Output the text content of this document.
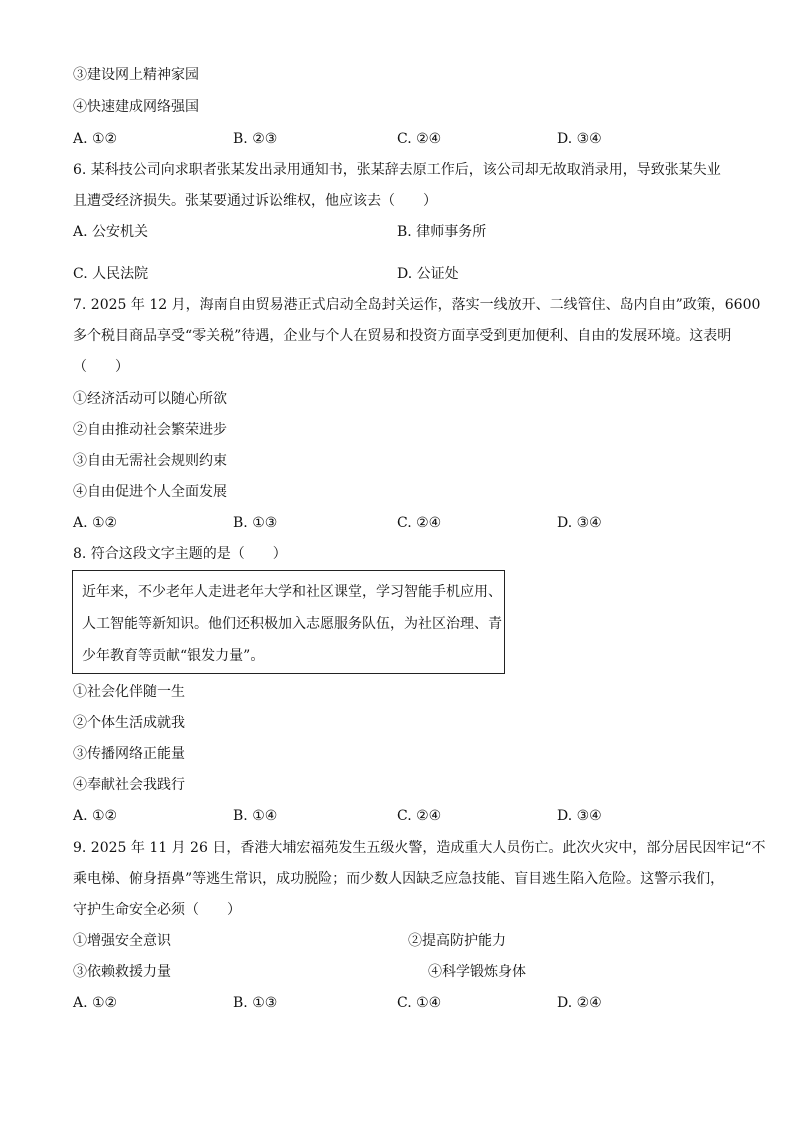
③建设网上精神家园
④快速建成网络强国
A. ①②	B. ②③	C. ②④	D. ③④
6. 某科技公司向求职者张某发出录用通知书，张某辞去原工作后，该公司却无故取消录用，导致张某失业
且遭受经济损失。张某要通过诉讼维权，他应该去（　　）
A. 公安机关	B. 律师事务所
C. 人民法院	D. 公证处
7. 2025 年 12 月，海南自由贸易港正式启动全岛封关运作，落实一线放开、二线管住、岛内自由”政策，6600
多个税目商品享受“零关税”待遇，企业与个人在贸易和投资方面享受到更加便利、自由的发展环境。这表明
（　　）
①经济活动可以随心所欲
②自由推动社会繁荣进步
③自由无需社会规则约束
④自由促进个人全面发展
A. ①②	B. ①③	C. ②④	D. ③④
8. 符合这段文字主题的是（　　）
近年来，不少老年人走进老年大学和社区课堂，学习智能手机应用、
人工智能等新知识。他们还积极加入志愿服务队伍，为社区治理、青
少年教育等贡献“银发力量”。
①社会化伴随一生
②个体生活成就我
③传播网络正能量
④奉献社会我践行
A. ①②	B. ①④	C. ②④	D. ③④
9. 2025 年 11 月 26 日，香港大埔宏福苑发生五级火警，造成重大人员伤亡。此次火灾中，部分居民因牢记“不
乘电梯、俯身捂鼻”等逃生常识，成功脱险；而少数人因缺乏应急技能、盲目逃生陷入危险。这警示我们，
守护生命安全必须（　　）
①增强安全意识	②提高防护能力
③依赖救援力量	④科学锻炼身体
A. ①②	B. ①③	C. ①④	D. ②④
